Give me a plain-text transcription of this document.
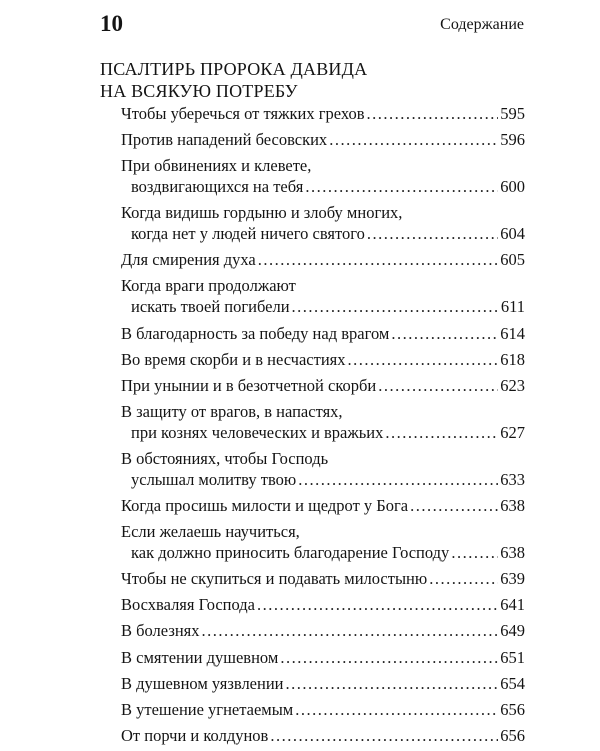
10	Содержание
ПСАЛТИРЬ ПРОРОКА ДАВИДА
НА ВСЯКУЮ ПОТРЕБУ
Чтобы уберечься от тяжких грехов .....	595
Против нападений бесовских .....	596
При обвинениях и клевете,
воздвигающихся на тебя .....	600
Когда видишь гордыню и злобу многих,
когда нет у людей ничего святого .....	604
Для смирения духа .....	605
Когда враги продолжают
искать твоей погибели .....	611
В благодарность за победу над врагом .....	614
Во время скорби и в несчастиях .....	618
При унынии и в безотчетной скорби .....	623
В защиту от врагов, в напастях,
при кознях человеческих и вражьих .....	627
В обстояниях, чтобы Господь
услышал молитву твою .....	633
Когда просишь милости и щедрот у Бога .....	638
Если желаешь научиться,
как должно приносить благодарение Господу .....	638
Чтобы не скупиться и подавать милостыню .....	639
Восхваляя Господа .....	641
В болезнях .....	649
В смятении душевном .....	651
В душевном уязвлении .....	654
В утешение угнетаемым .....	656
От порчи и колдунов .....	656
